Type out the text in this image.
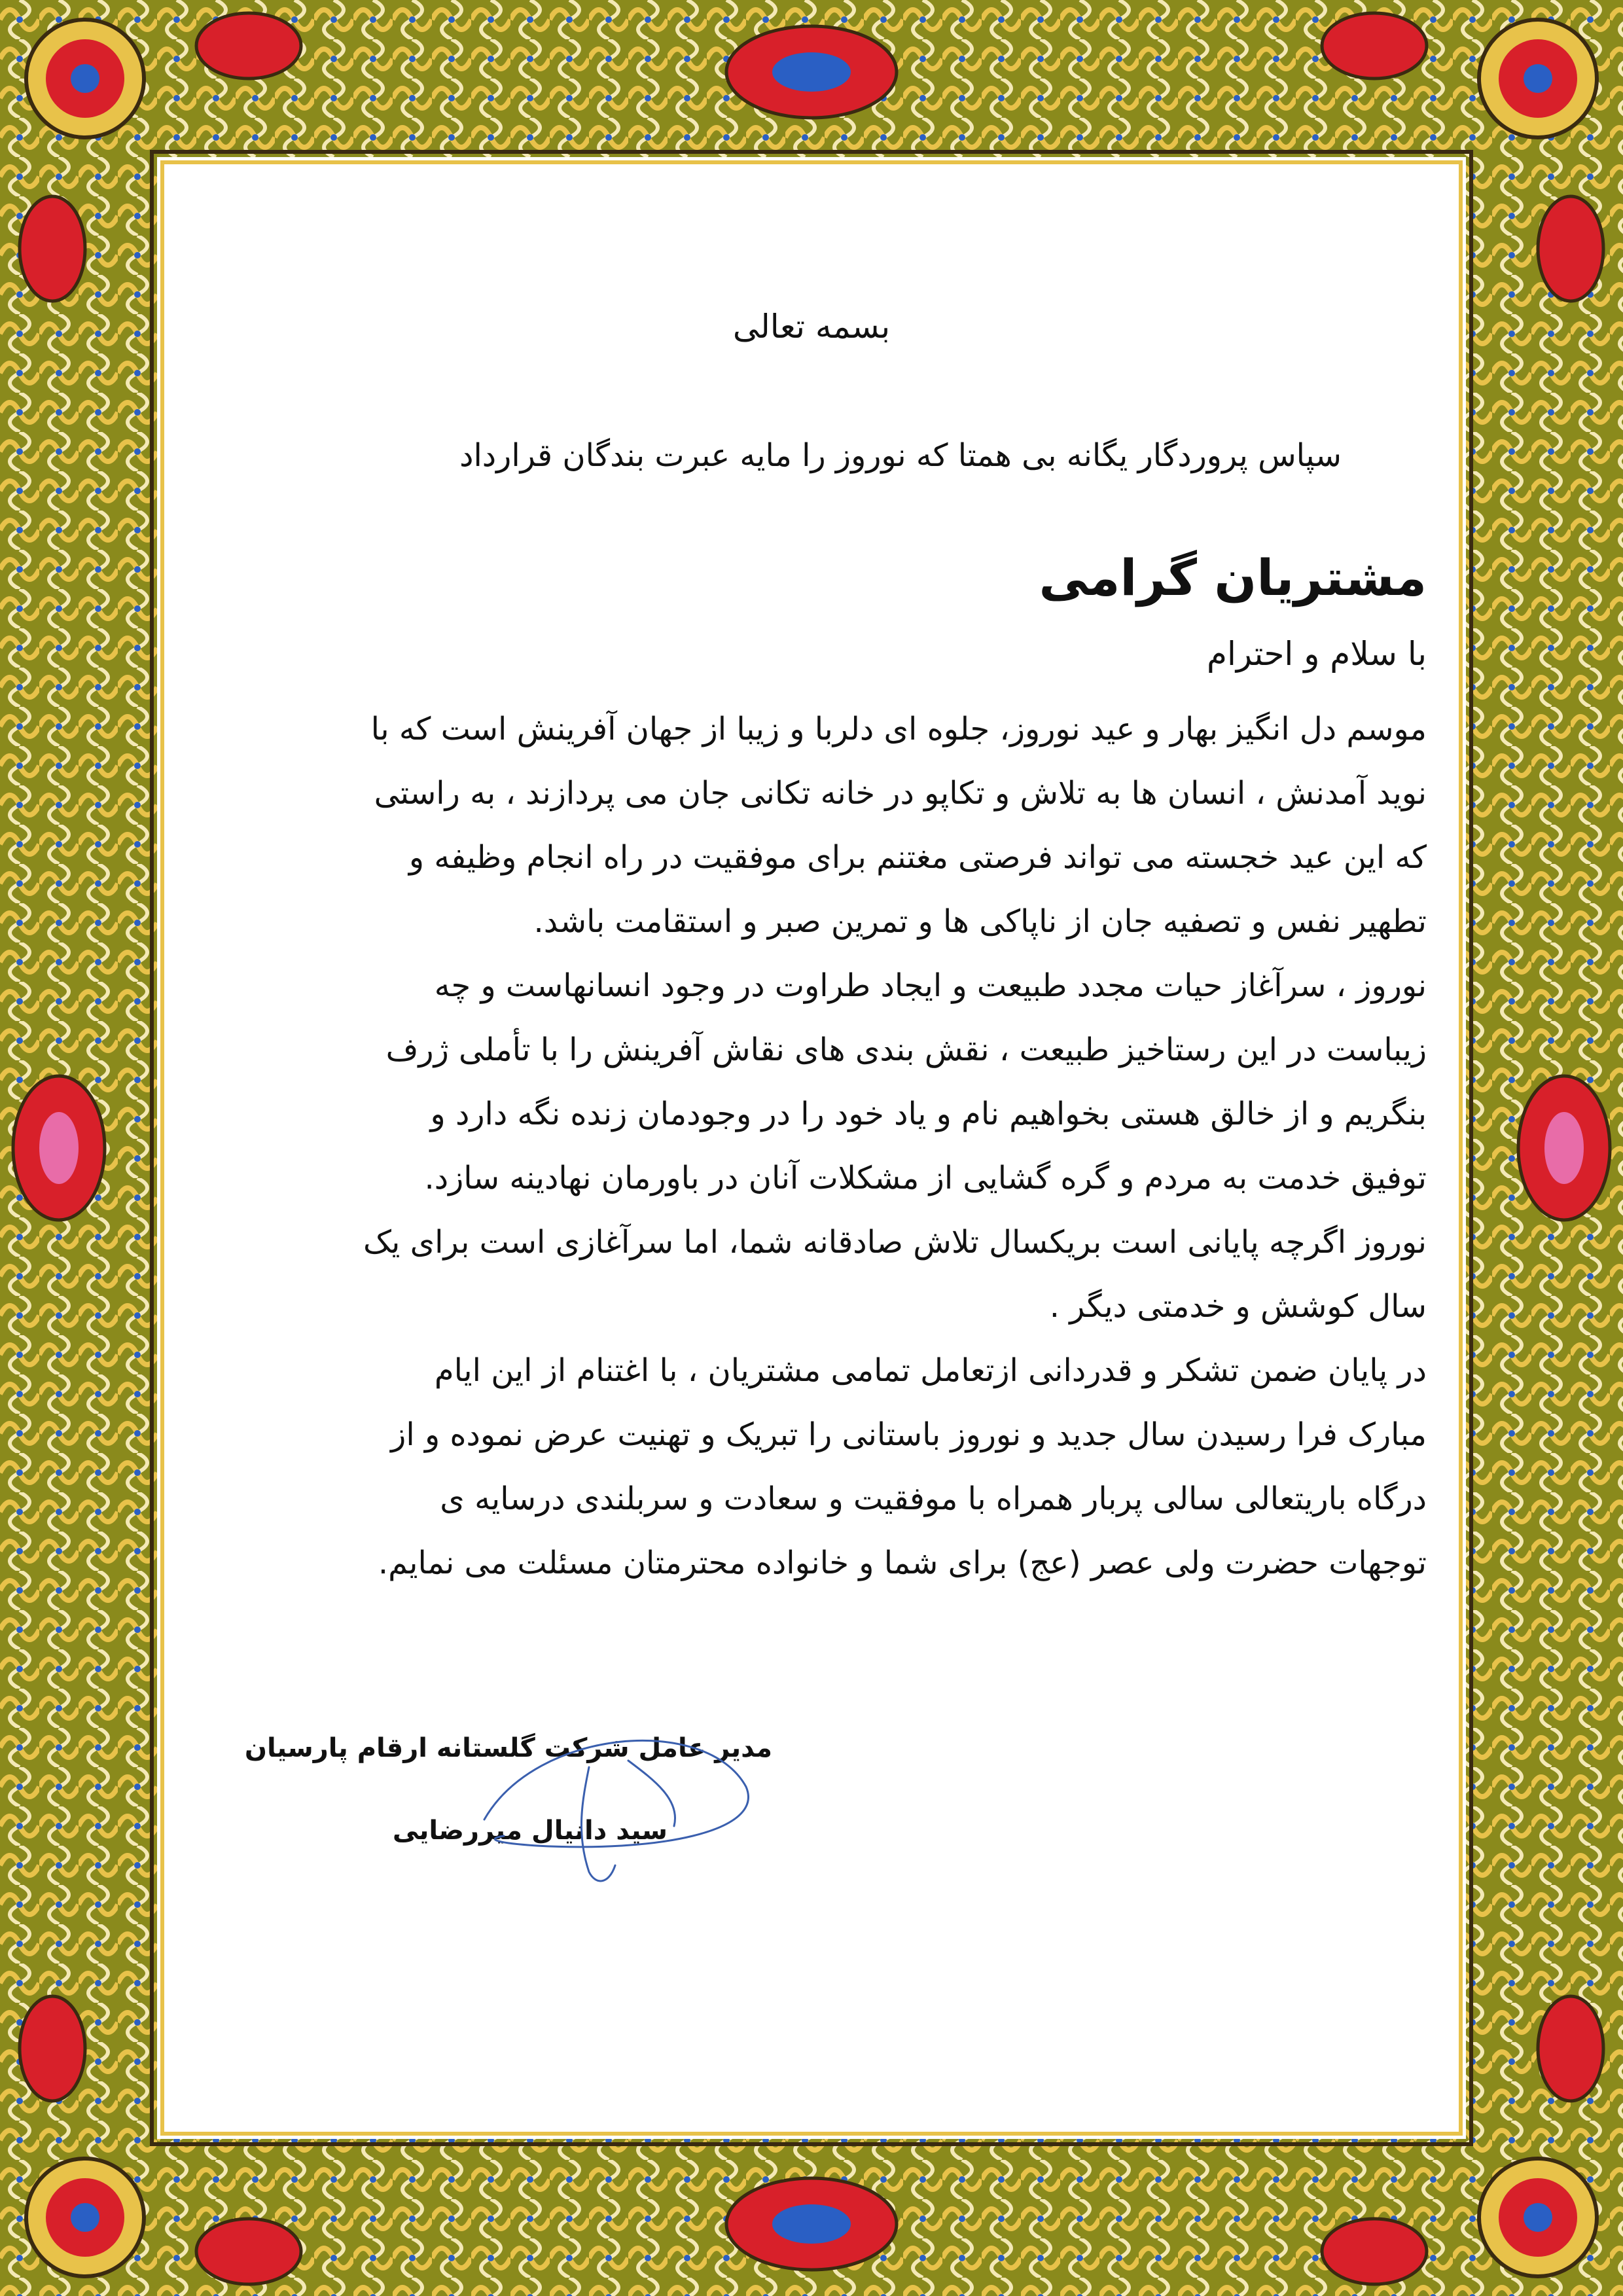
بسمه تعالی
سپاس پروردگار یگانه بی همتا که نوروز را مایه عبرت بندگان قرارداد
مشتریان گرامی
با سلام و احترام
موسم دل انگیز بهار و عید نوروز، جلوه ای دلربا و زیبا از جهان آفرینش است که با
نوید آمدنش ، انسان ها به تلاش و تکاپو در خانه تکانی جان می پردازند ، به راستی
که این عید خجسته می تواند فرصتی مغتنم برای موفقیت در راه انجام وظیفه و
تطهیر نفس و تصفیه جان از ناپاکی ها و تمرین صبر و استقامت باشد.
نوروز ، سرآغاز حیات مجدد طبیعت و ایجاد طراوت در وجود انسانهاست و چه
زیباست در این رستاخیز طبیعت ، نقش بندی های نقاش آفرینش را با تأملی ژرف
بنگریم و از خالق هستی بخواهیم نام و یاد خود را در وجودمان زنده نگه دارد و
توفیق خدمت به مردم و گره گشایی از مشکلات آنان در باورمان نهادینه سازد.
نوروز اگرچه پایانی است بریکسال تلاش صادقانه شما، اما سرآغازی است برای یک
سال کوشش و خدمتی دیگر .
در پایان ضمن تشکر و قدردانی ازتعامل تمامی مشتریان ، با اغتنام از این ایام
مبارک فرا رسیدن سال جدید و نوروز باستانی را تبریک و تهنیت عرض نموده و از
درگاه باریتعالی سالی پربار همراه با موفقیت و سعادت و سربلندی درسایه ی
توجهات حضرت ولی عصر (عج) برای شما و خانواده محترمتان مسئلت می نمایم.
مدیر عامل شرکت گلستانه ارقام پارسیان
سید دانیال میررضایی
